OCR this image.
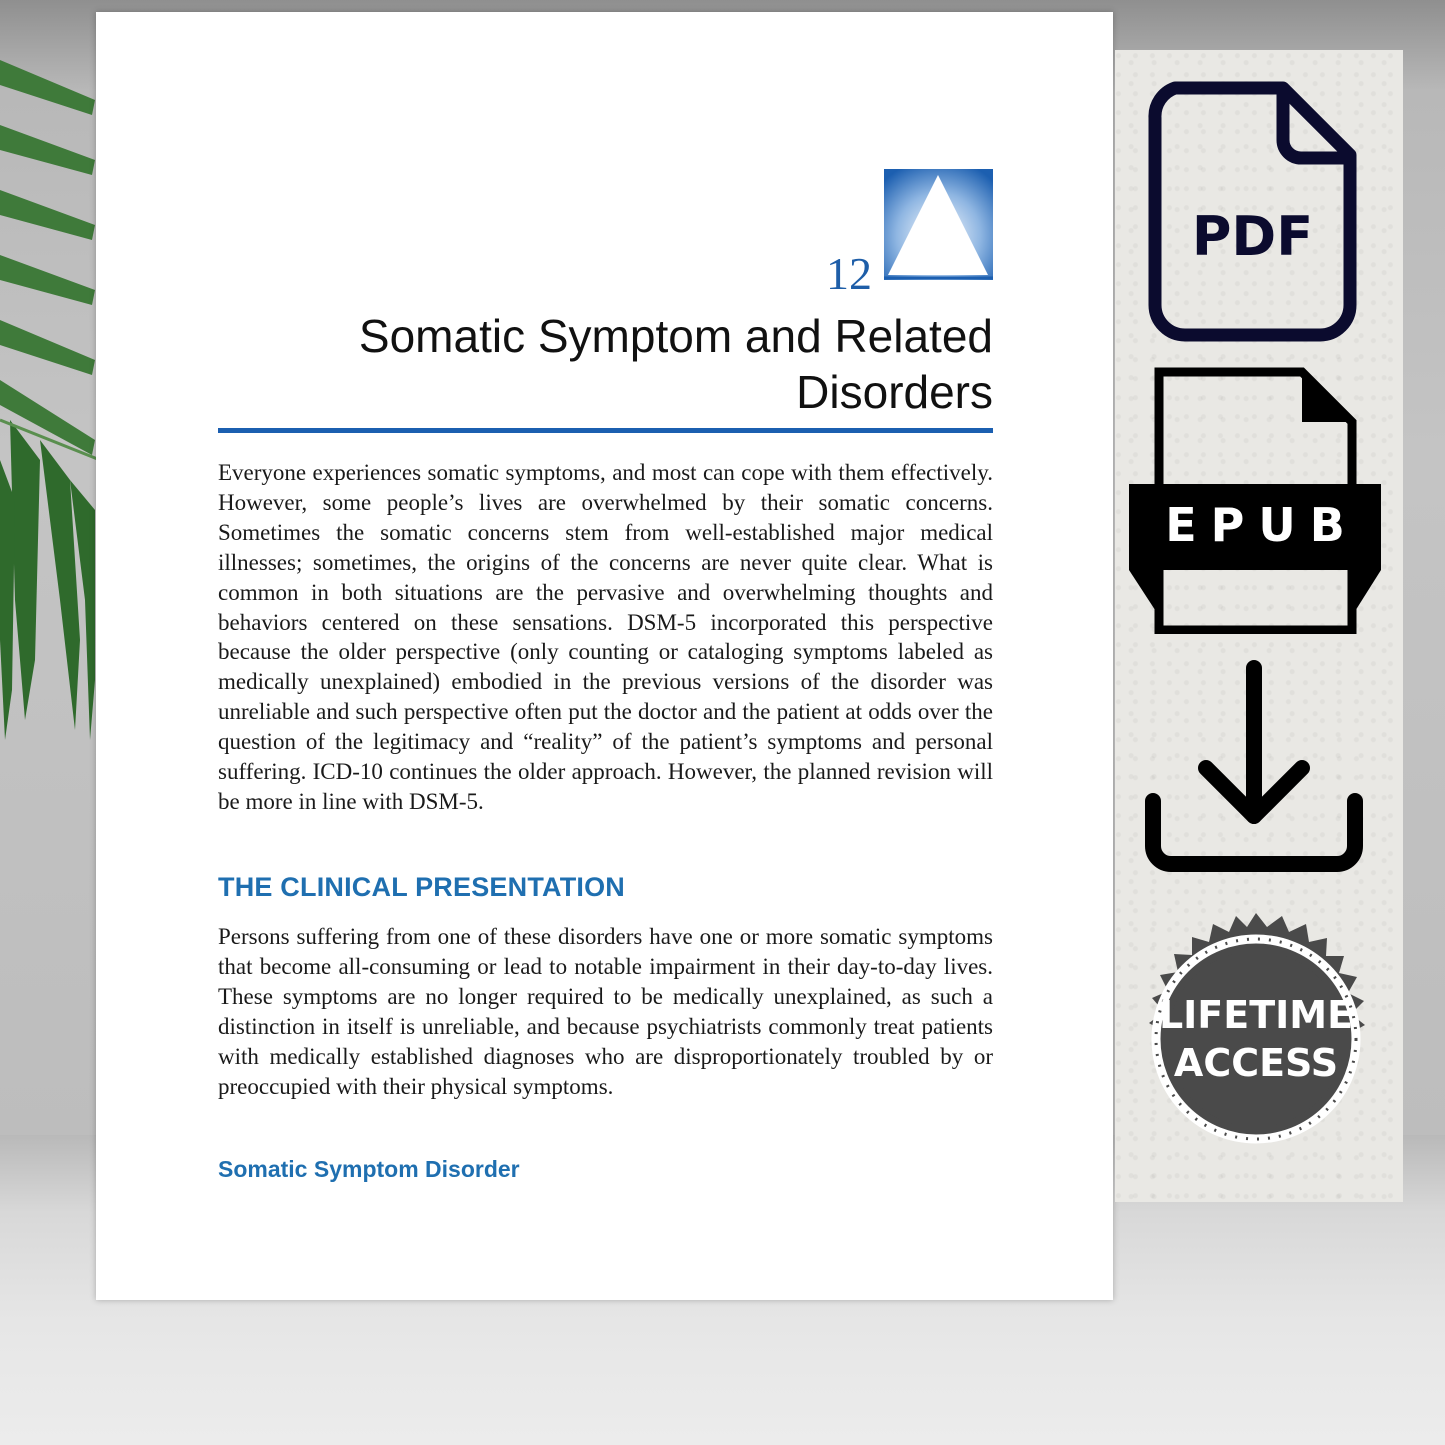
12

Somatic Symptom and Related
Disorders

Everyone experiences somatic symptoms, and most can cope with them effectively. However, some people’s lives are overwhelmed by their somatic concerns. Sometimes the somatic concerns stem from well-established major medical illnesses; sometimes, the origins of the concerns are never quite clear. What is common in both situations are the pervasive and overwhelming thoughts and behaviors centered on these sensations. DSM-5 incorporated this perspective because the older perspective (only counting or cataloging symptoms labeled as medically unexplained) embodied in the previous versions of the disorder was unreliable and such perspective often put the doctor and the patient at odds over the question of the legitimacy and “reality” of the patient’s symptoms and personal suffering. ICD-10 continues the older approach. However, the planned revision will be more in line with DSM-5.

THE CLINICAL PRESENTATION

Persons suffering from one of these disorders have one or more somatic symptoms that become all-consuming or lead to notable impairment in their day-to-day lives. These symptoms are no longer required to be medically unexplained, as such a distinction in itself is unreliable, and because psychiatrists commonly treat patients with medically established diagnoses who are disproportionately troubled by or preoccupied with their physical symptoms.

Somatic Symptom Disorder
PDF
EPUB
LIFETIME
ACCESS
